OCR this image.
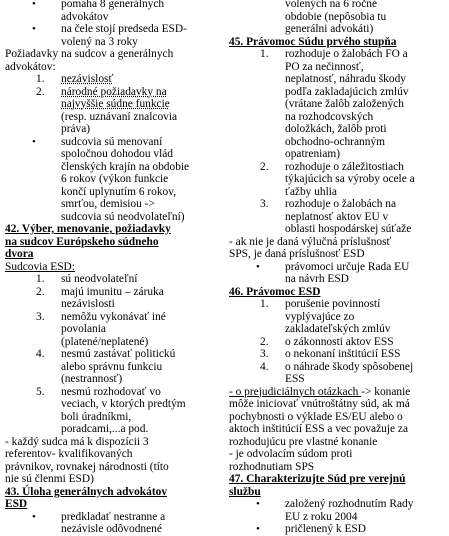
pomaha 8 generálnych
•
advokátov
na čele stojí predseda ESD-
•
volený na 3 roky
Požiadavky na sudcov a generálnych
advokátov:
nezávislosť
1.
národné požiadavky na
2.
najvyššie súdne funkcie
(resp. uznávaní znalcovia
práva)
sudcovia sú menovaní
•
spoločnou dohodou vlád
členských krajín na obdobie
6 rokov (výkon funkcie
končí uplynutím 6 rokov,
smrťou, demisiou ->
sudcovia sú neodvolateľní)
42. Výber, menovanie, požiadavky
na sudcov Európskeho súdneho
dvora
Sudcovia ESD:
sú neodvolateľní
1.
majú imunitu – záruka
2.
nezávislosti
nemôžu vykonávať iné
3.
povolania
(platené/neplatené)
nesmú zastávať politickú
4.
alebo správnu funkciu
(nestrannosť)
nesmú rozhodovať vo
5.
veciach, v ktorých predtým
boli úradníkmi,
poradcami,...a pod.
- každý sudca má k dispozícii 3
referentov- kvalifikovaných
právnikov, rovnakej národnosti (títo
nie sú členmi ESD)
43. Úloha generálnych advokátov
ESD
predkladať nestranne a
•
nezávisle odôvodnené
volených na 6 ročné
obdobie (nepôsobia tu
generálni advokáti)
45. Právomoc Súdu prvého stupňa
rozhoduje o žalobách FO a
1.
PO za nečinnosť,
neplatnosť, náhradu škody
podľa zakladajúcich zmlúv
(vrátane žalôb založených
na rozhodcovských
doložkách, žalôb proti
obchodno-ochranným
opatreniam)
rozhoduje o záležitostiach
2.
týkajúcich sa výroby ocele a
ťažby uhlia
rozhoduje o žalobách na
3.
neplatnosť aktov EU v
oblasti hospodárskej súťaže
- ak nie je daná výlučná príslušnosť
SPS, je daná príslušnosť ESD
právomoci určuje Rada EU
•
na návrh ESD
46. Právomoc ESD
porušenie povinností
1.
vyplývajúce zo
zakladateľských zmlúv
o zákonnosti aktov ESS
2.
o nekonaní inštitúcií ESS
3.
o náhrade škody spôsobenej
4.
ESS
- o prejudiciálnych otázkach -> konanie
môže iniciovať vnútroštátny súd, ak má
pochybnosti o výklade ES/EU alebo o
aktoch inštitúcií ESS a vec považuje za
rozhodujúcu pre vlastné konanie
- je odvolacím súdom proti
rozhodnutiam SPS
47. Charakterizujte Súd pre verejnú
službu
založený rozhodnutím Rady
•
EU z roku 2004
pričlenený k ESD
•
